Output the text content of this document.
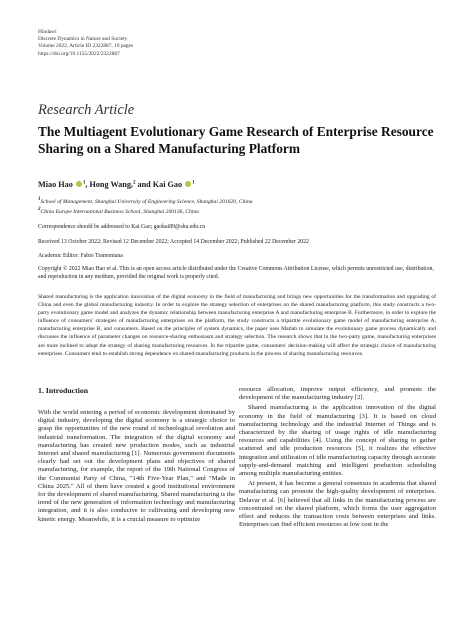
Hindawi
Discrete Dynamics in Nature and Society
Volume 2022, Article ID 2322887, 19 pages
https://doi.org/10.1155/2022/2322887
Research Article
The Multiagent Evolutionary Game Research of Enterprise Resource Sharing on a Shared Manufacturing Platform
Miao Hao $^1$, Hong Wang,$^2$ and Kai Gao $^1$
1School of Management, Shanghai University of Engineering Science, Shanghai 201620, China
2China Europe International Business School, Shanghai 200136, China
Correspondence should be addressed to Kai Gao; gaokai89@shu.edu.cn
Received 13 October 2022; Revised 12 December 2022; Accepted 14 December 2022; Published 22 December 2022
Academic Editor: Fabio Tramontana
Copyright © 2022 Miao Hao et al. This is an open access article distributed under the Creative Commons Attribution License, which permits unrestricted use, distribution, and reproduction in any medium, provided the original work is properly cited.
Shared manufacturing is the application innovation of the digital economy in the field of manufacturing and brings new opportunities for the transformation and upgrading of China and even the global manufacturing industry. In order to explore the strategy selection of enterprises on the shared manufacturing platform, this study constructs a two-party evolutionary game model and analyzes the dynamic relationship between manufacturing enterprise A and manufacturing enterprise B. Furthermore, in order to explore the influence of consumers' strategies of manufacturing enterprises on the platform, the study constructs a tripartite evolutionary game model of manufacturing enterprise A, manufacturing enterprise B, and consumers. Based on the principles of system dynamics, the paper uses Matlab to simulate the evolutionary game process dynamically and discusses the influence of parameter changes on resource-sharing enthusiasm and strategy selection. The research shows that in the two-party game, manufacturing enterprises are more inclined to adopt the strategy of sharing manufacturing resources. In the tripartite game, consumers' decision-making will affect the strategic choice of manufacturing enterprises. Consumers tend to establish strong dependence on shared-manufacturing products in the process of sharing manufacturing resources.
1. Introduction

With the world entering a period of economic development dominated by digital industry, developing the digital economy is a strategic choice to grasp the opportunities of the new round of technological revolution and industrial transformation. The integration of the digital economy and manufacturing has created new production modes, such as industrial Internet and shared manufacturing [1]. Numerous government documents clearly had set out the development plans and objectives of shared manufacturing, for example, the report of the 19th National Congress of the Communist Party of China, "14th Five-Year Plan," and "Made in China 2025." All of them have created a good institutional environment for the development of shared manufacturing. Shared manufacturing is the trend of the new generation of information technology and manufacturing integration, and it is also conducive to cultivating and developing new kinetic energy. Meanwhile, it is a crucial measure to optimize

resource allocation, improve output efficiency, and promote the development of the manufacturing industry [2].

Shared manufacturing is the application innovation of the digital economy in the field of manufacturing [3]. It is based on cloud manufacturing technology and the industrial Internet of Things and is characterized by the sharing of usage rights of idle manufacturing resources and capabilities [4]. Using the concept of sharing to gather scattered and idle production resources [5], it realizes the effective integration and utilization of idle manufacturing capacity through accurate supply-and-demand matching and intelligent production scheduling among multiple manufacturing entities.

At present, it has become a general consensus in academia that shared manufacturing can promote the high-quality development of enterprises. Delavar et al. [6] believed that all links in the manufacturing process are concentrated on the shared platform, which forms the user aggregation effect and reduces the transaction costs between enterprises and links. Enterprises can find efficient resources at low cost in the
